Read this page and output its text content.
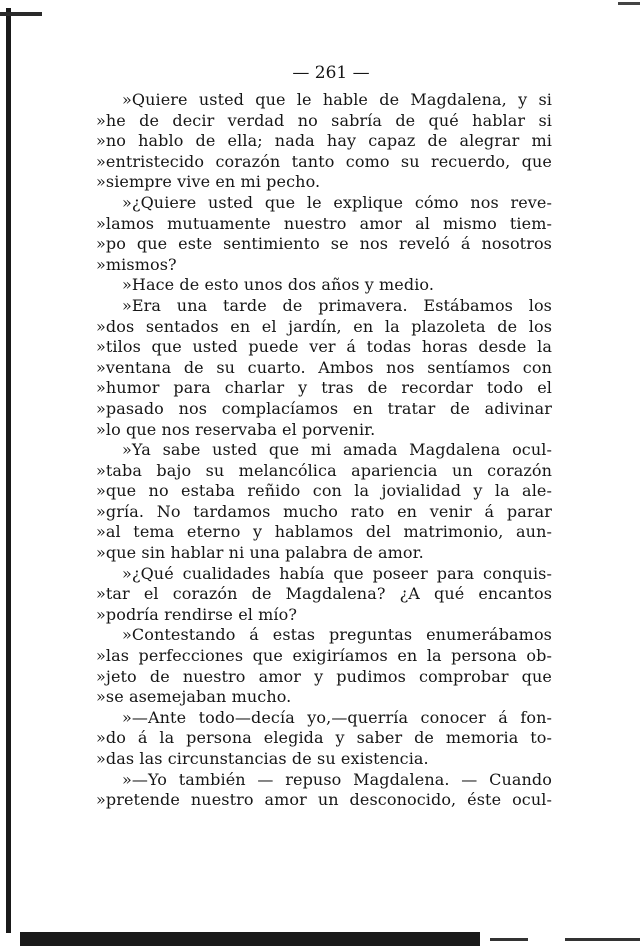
— 261 —
»Quiere usted que le hable de Magdalena, y si
»he de decir verdad no sabría de qué hablar si
»no hablo de ella; nada hay capaz de alegrar mi
»entristecido corazón tanto como su recuerdo, que
»siempre vive en mi pecho.
»¿Quiere usted que le explique cómo nos reve-
»lamos mutuamente nuestro amor al mismo tiem-
»po que este sentimiento se nos reveló á nosotros
»mismos?
»Hace de esto unos dos años y medio.
»Era una tarde de primavera. Estábamos los
»dos sentados en el jardín, en la plazoleta de los
»tilos que usted puede ver á todas horas desde la
»ventana de su cuarto. Ambos nos sentíamos con
»humor para charlar y tras de recordar todo el
»pasado nos complacíamos en tratar de adivinar
»lo que nos reservaba el porvenir.
»Ya sabe usted que mi amada Magdalena ocul-
»taba bajo su melancólica apariencia un corazón
»que no estaba reñido con la jovialidad y la ale-
»gría. No tardamos mucho rato en venir á parar
»al tema eterno y hablamos del matrimonio, aun-
»que sin hablar ni una palabra de amor.
»¿Qué cualidades había que poseer para conquis-
»tar el corazón de Magdalena? ¿A qué encantos
»podría rendirse el mío?
»Contestando á estas preguntas enumerábamos
»las perfecciones que exigiríamos en la persona ob-
»jeto de nuestro amor y pudimos comprobar que
»se asemejaban mucho.
»—Ante todo—decía yo,—querría conocer á fon-
»do á la persona elegida y saber de memoria to-
»das las circunstancias de su existencia.
»—Yo también — repuso Magdalena. — Cuando
»pretende nuestro amor un desconocido, éste ocul-
